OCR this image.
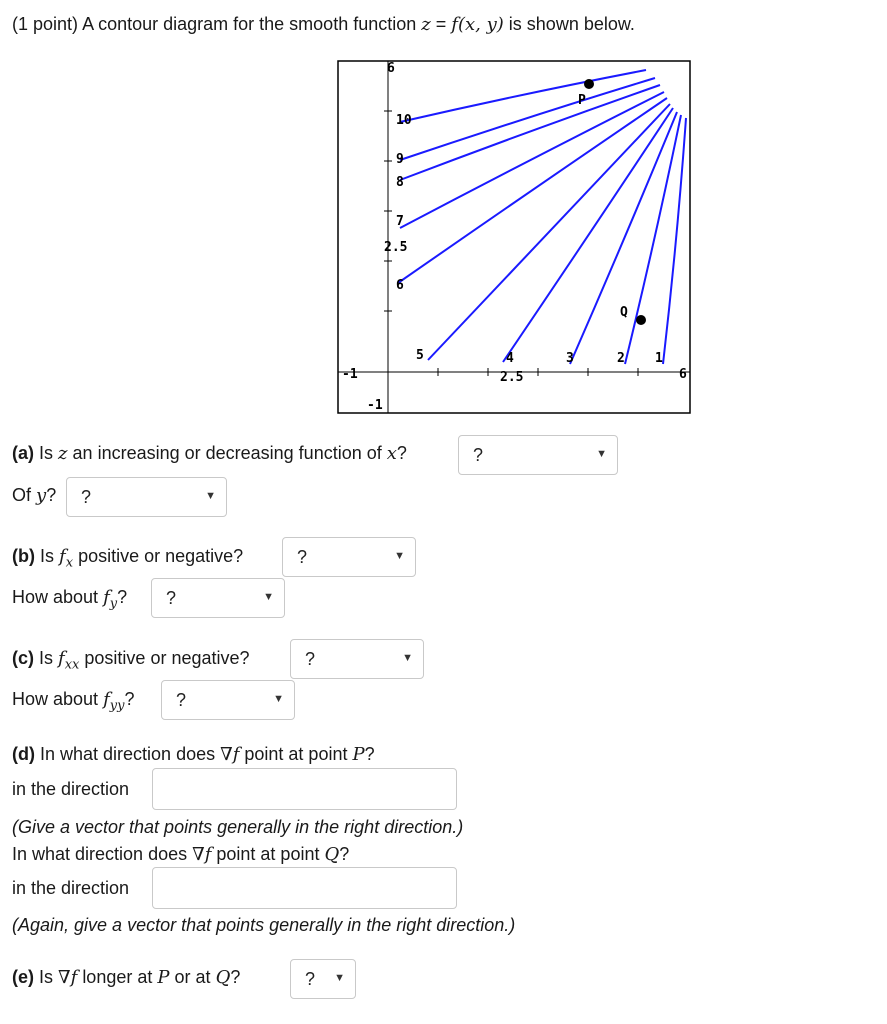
(1 point) A contour diagram for the smooth function z = f(x, y) is shown below.
-1	2.5	6
6
2.5
-1
10
9
8
7
6
5	4	3	2 1
P
Q
(a) Is z an increasing or decreasing function of x?	?	▼
Of y? ?	▼
(b) Is $f_x$ positive or negative?	?	▼
How about $f_y$? ?	▼
(c) Is $f_{xx}$ positive or negative?	?	▼
How about $f_{yy}$? ?	▼
(d) In what direction does ∇f point at point P?
in the direction
(Give a vector that points generally in the right direction.)
In what direction does ∇f point at point Q?
in the direction
(Again, give a vector that points generally in the right direction.)
(e) Is ∇f longer at P or at Q?	? ▼
